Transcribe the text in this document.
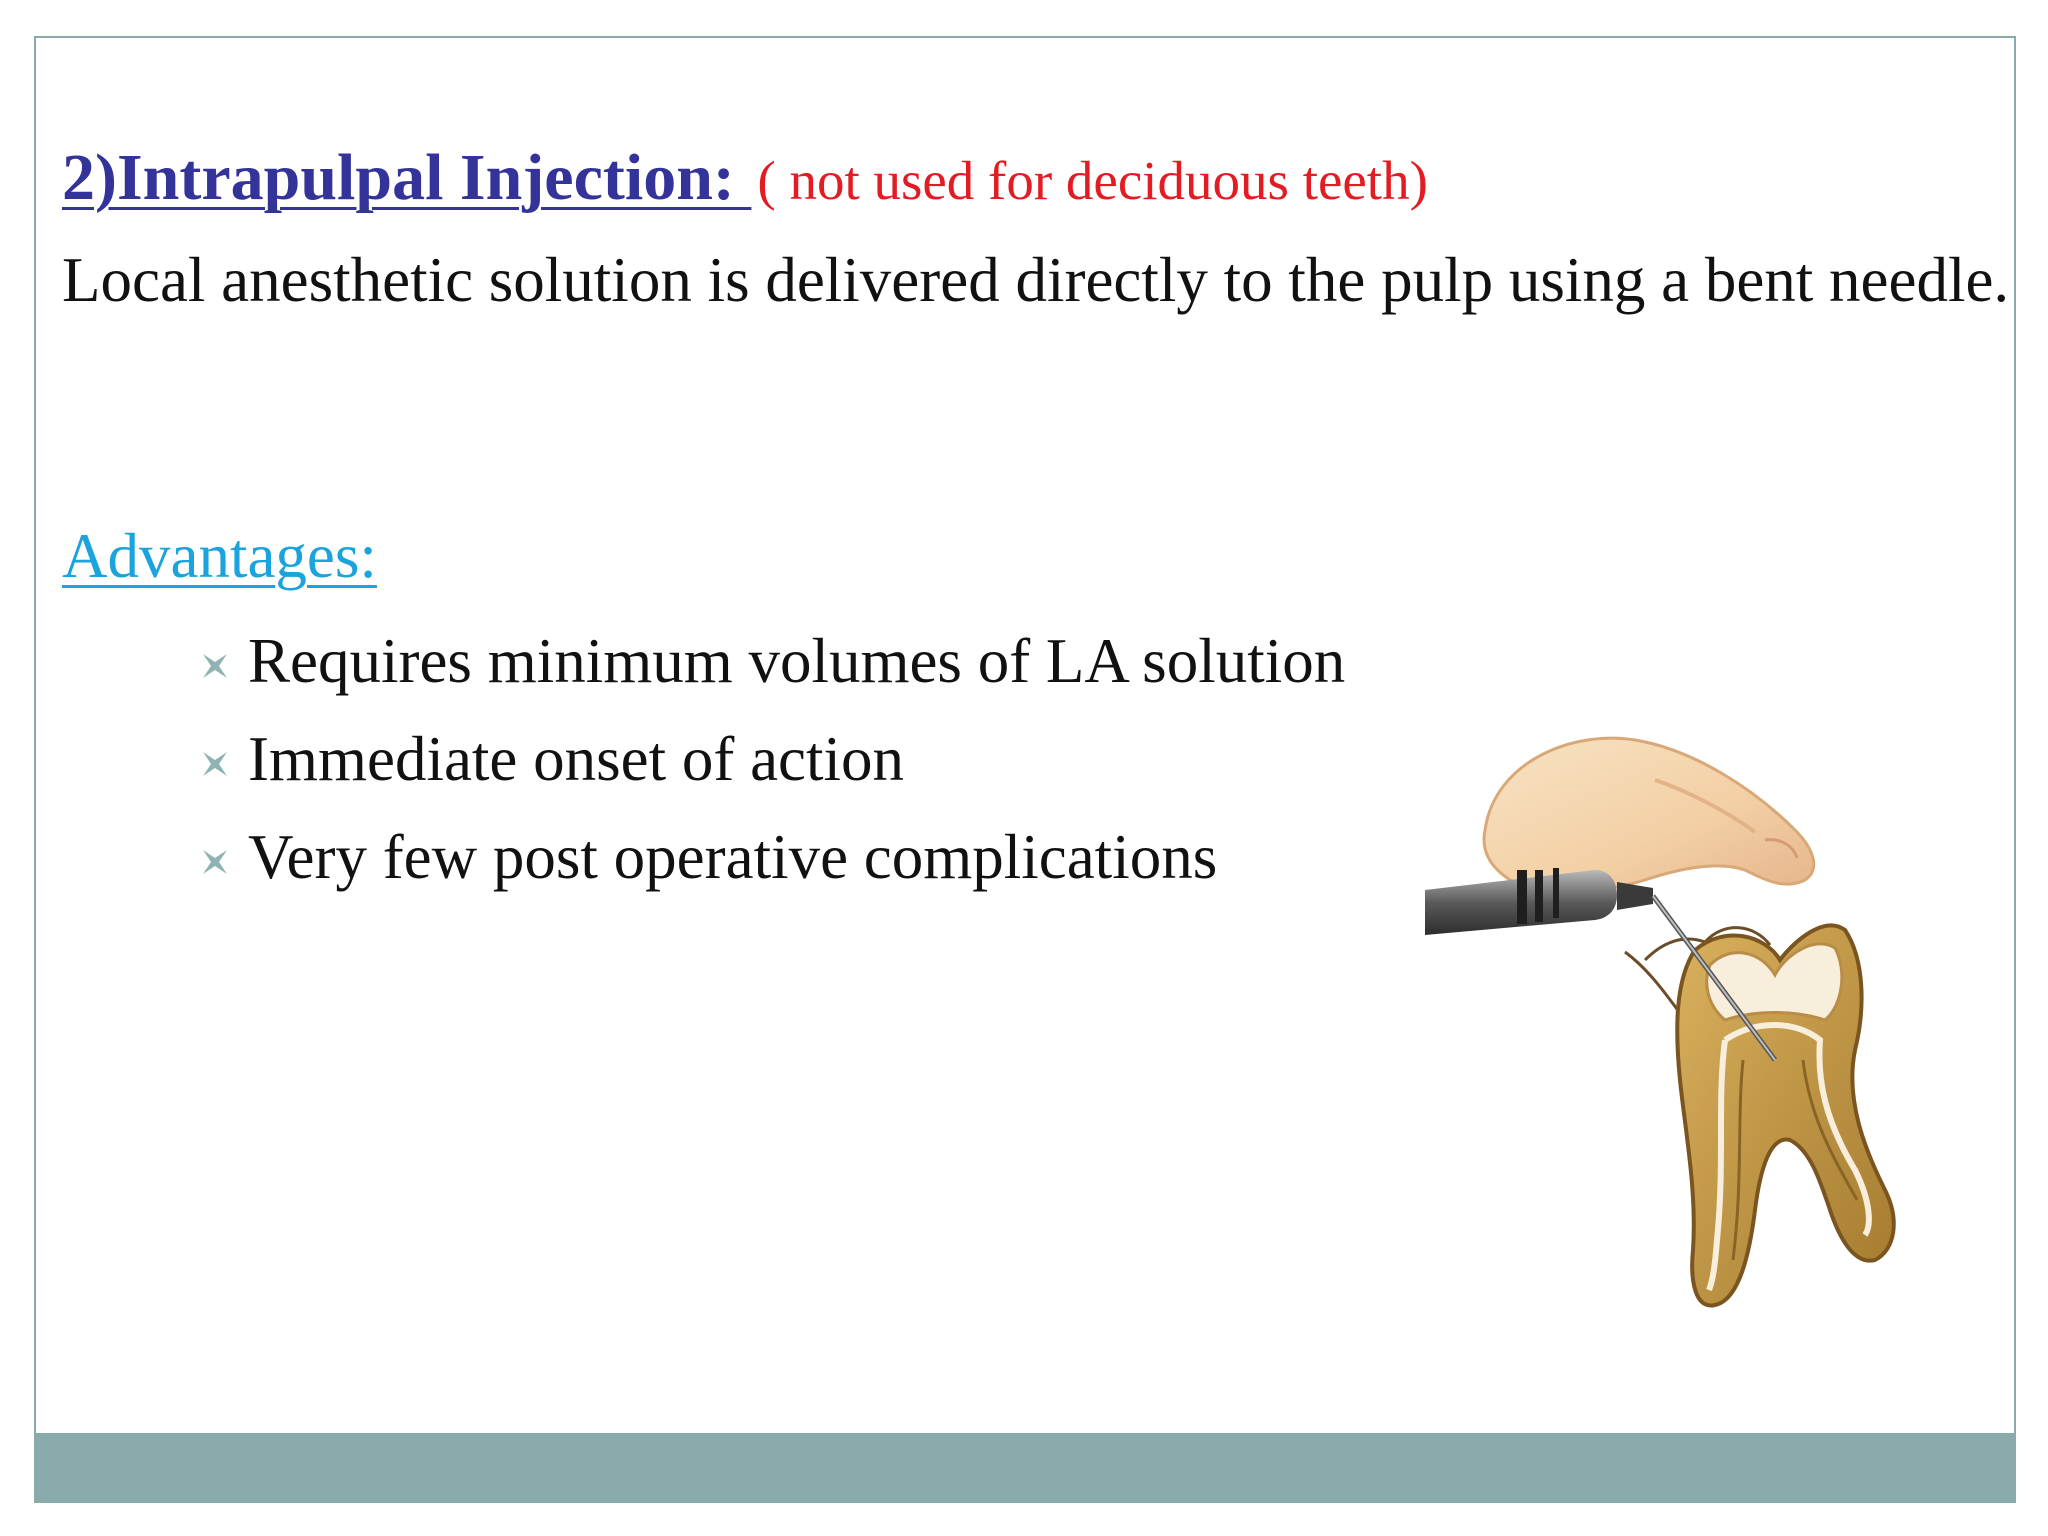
2)Intrapulpal Injection: ( not used for deciduous teeth)

Local anesthetic solution is delivered directly to the pulp using a bent needle.

Advantages:
Requires minimum volumes of LA solution
Immediate onset of action
Very few post operative complications
